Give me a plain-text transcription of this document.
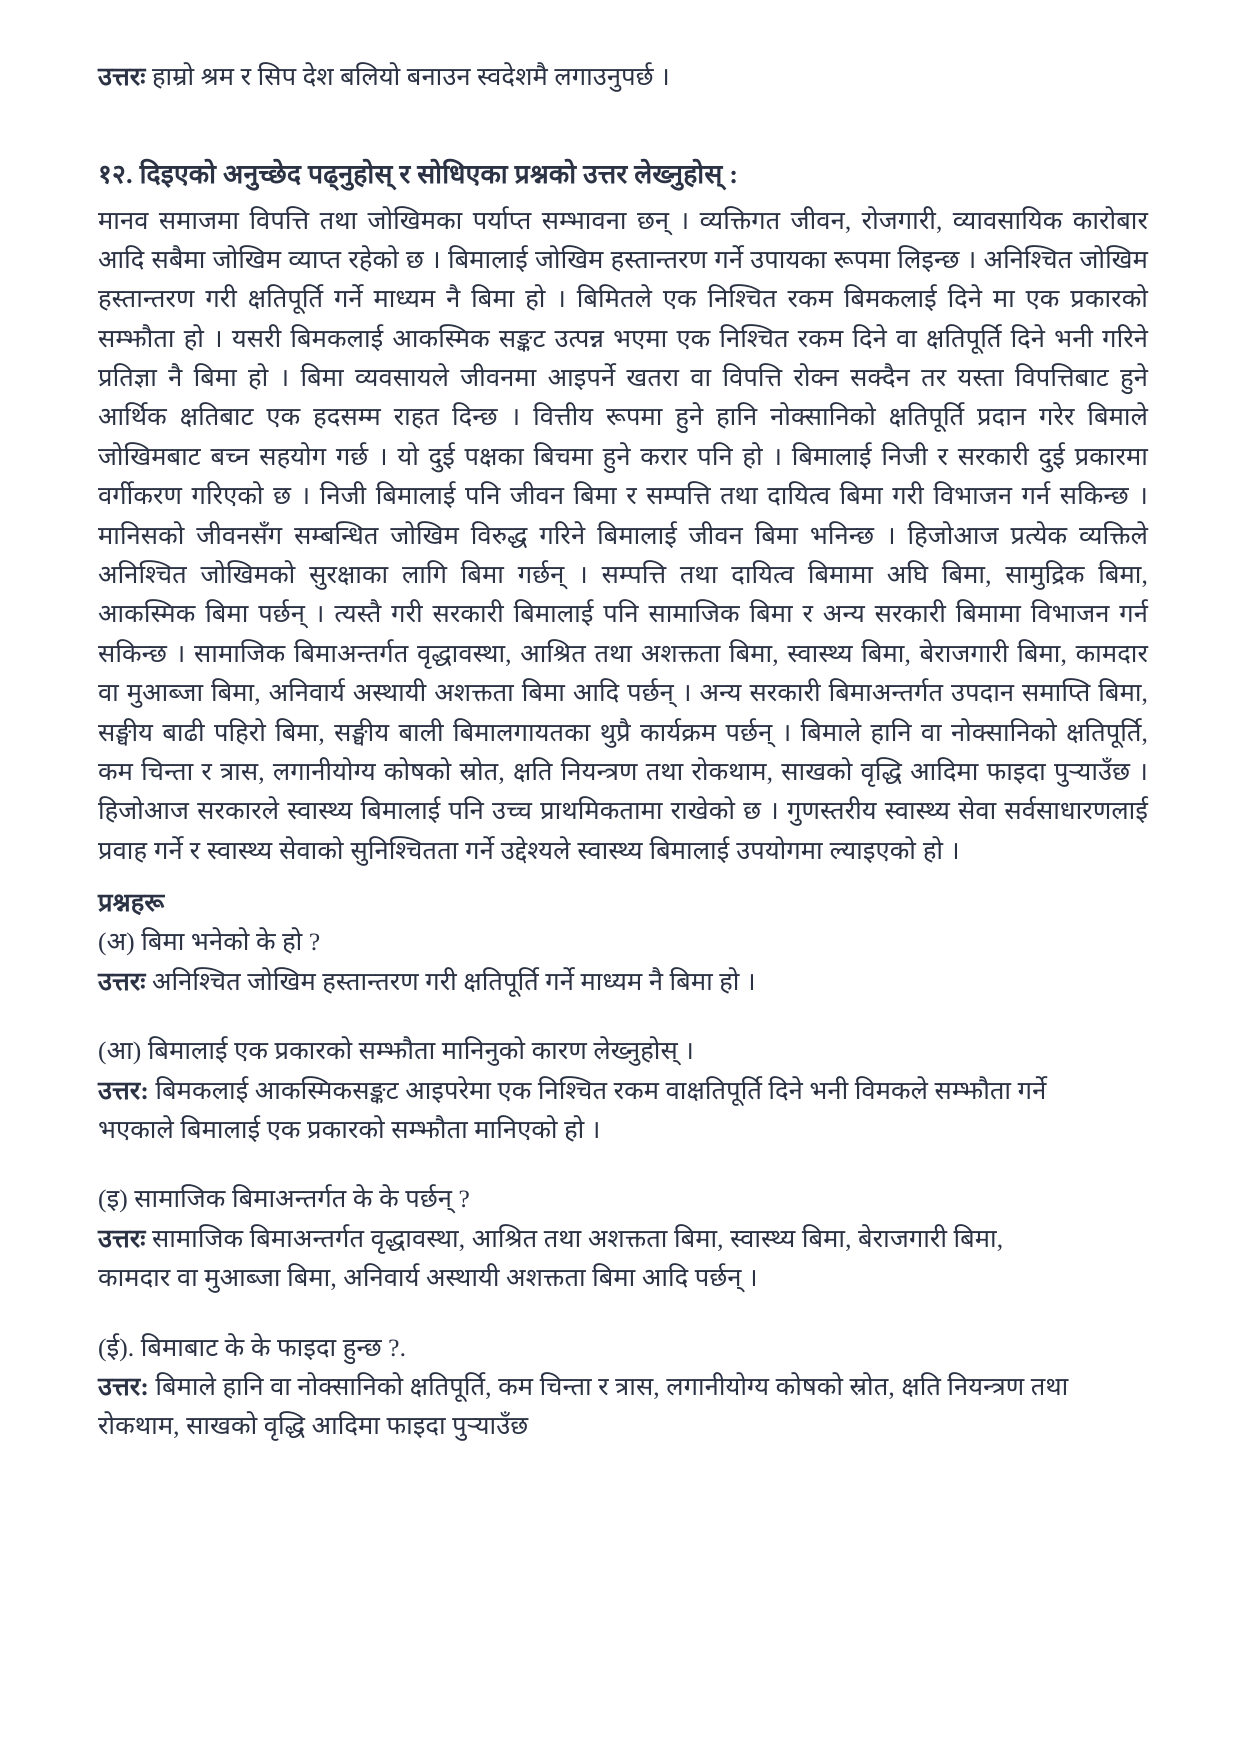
उत्तरः हाम्रो श्रम र सिप देश बलियो बनाउन स्वदेशमै लगाउनुपर्छ ।

१२. दिइएको अनुच्छेद पढ्नुहोस् र सोधिएका प्रश्नको उत्तर लेख्नुहोस् :

मानव समाजमा विपत्ति तथा जोखिमका पर्याप्त सम्भावना छन् । व्यक्तिगत जीवन, रोजगारी, व्यावसायिक कारोबार आदि सबैमा जोखिम व्याप्त रहेको छ । बिमालाई जोखिम हस्तान्तरण गर्ने उपायका रूपमा लिइन्छ । अनिश्चित जोखिम हस्तान्तरण गरी क्षतिपूर्ति गर्ने माध्यम नै बिमा हो । बिमितले एक निश्चित रकम बिमकलाई दिने मा एक प्रकारको सम्झौता हो । यसरी बिमकलाई आकस्मिक सङ्कट उत्पन्न भएमा एक निश्चित रकम दिने वा क्षतिपूर्ति दिने भनी गरिने प्रतिज्ञा नै बिमा हो । बिमा व्यवसायले जीवनमा आइपर्ने खतरा वा विपत्ति रोक्न सक्दैन तर यस्ता विपत्तिबाट हुने आर्थिक क्षतिबाट एक हदसम्म राहत दिन्छ । वित्तीय रूपमा हुने हानि नोक्सानिको क्षतिपूर्ति प्रदान गरेर बिमाले जोखिमबाट बच्न सहयोग गर्छ । यो दुई पक्षका बिचमा हुने करार पनि हो । बिमालाई निजी र सरकारी दुई प्रकारमा वर्गीकरण गरिएको छ । निजी बिमालाई पनि जीवन बिमा र सम्पत्ति तथा दायित्व बिमा गरी विभाजन गर्न सकिन्छ । मानिसको जीवनसँग सम्बन्धित जोखिम विरुद्ध गरिने बिमालाई जीवन बिमा भनिन्छ । हिजोआज प्रत्येक व्यक्तिले अनिश्चित जोखिमको सुरक्षाका लागि बिमा गर्छन् । सम्पत्ति तथा दायित्व बिमामा अघि बिमा, सामुद्रिक बिमा, आकस्मिक बिमा पर्छन् । त्यस्तै गरी सरकारी बिमालाई पनि सामाजिक बिमा र अन्य सरकारी बिमामा विभाजन गर्न सकिन्छ । सामाजिक बिमाअन्तर्गत वृद्धावस्था, आश्रित तथा अशक्तता बिमा, स्वास्थ्य बिमा, बेराजगारी बिमा, कामदार वा मुआब्जा बिमा, अनिवार्य अस्थायी अशक्तता बिमा आदि पर्छन् । अन्य सरकारी बिमाअन्तर्गत उपदान समाप्ति बिमा, सङ्घीय बाढी पहिरो बिमा, सङ्घीय बाली बिमालगायतका थुप्रै कार्यक्रम पर्छन् । बिमाले हानि वा नोक्सानिको क्षतिपूर्ति, कम चिन्ता र त्रास, लगानीयोग्य कोषको स्रोत, क्षति नियन्त्रण तथा रोकथाम, साखको वृद्धि आदिमा फाइदा पुऱ्याउँछ । हिजोआज सरकारले स्वास्थ्य बिमालाई पनि उच्च प्राथमिकतामा राखेको छ । गुणस्तरीय स्वास्थ्य सेवा सर्वसाधारणलाई प्रवाह गर्ने र स्वास्थ्य सेवाको सुनिश्चितता गर्ने उद्देश्यले स्वास्थ्य बिमालाई उपयोगमा ल्याइएको हो ।

प्रश्नहरू

(अ) बिमा भनेको के हो ?

उत्तरः अनिश्चित जोखिम हस्तान्तरण गरी क्षतिपूर्ति गर्ने माध्यम नै बिमा हो ।

(आ) बिमालाई एक प्रकारको सम्झौता मानिनुको कारण लेख्नुहोस् ।

उत्तर: बिमकलाई आकस्मिकसङ्कट आइपरेमा एक निश्चित रकम वाक्षतिपूर्ति दिने भनी विमकले सम्झौता गर्ने भएकाले बिमालाई एक प्रकारको सम्झौता मानिएको हो ।

(इ) सामाजिक बिमाअन्तर्गत के के पर्छन् ?

उत्तरः सामाजिक बिमाअन्तर्गत वृद्धावस्था, आश्रित तथा अशक्तता बिमा, स्वास्थ्य बिमा, बेराजगारी बिमा, कामदार वा मुआब्जा बिमा, अनिवार्य अस्थायी अशक्तता बिमा आदि पर्छन् ।

(ई). बिमाबाट के के फाइदा हुन्छ ?.

उत्तर: बिमाले हानि वा नोक्सानिको क्षतिपूर्ति, कम चिन्ता र त्रास, लगानीयोग्य कोषको स्रोत, क्षति नियन्त्रण तथा रोकथाम, साखको वृद्धि आदिमा फाइदा पुऱ्याउँछ
